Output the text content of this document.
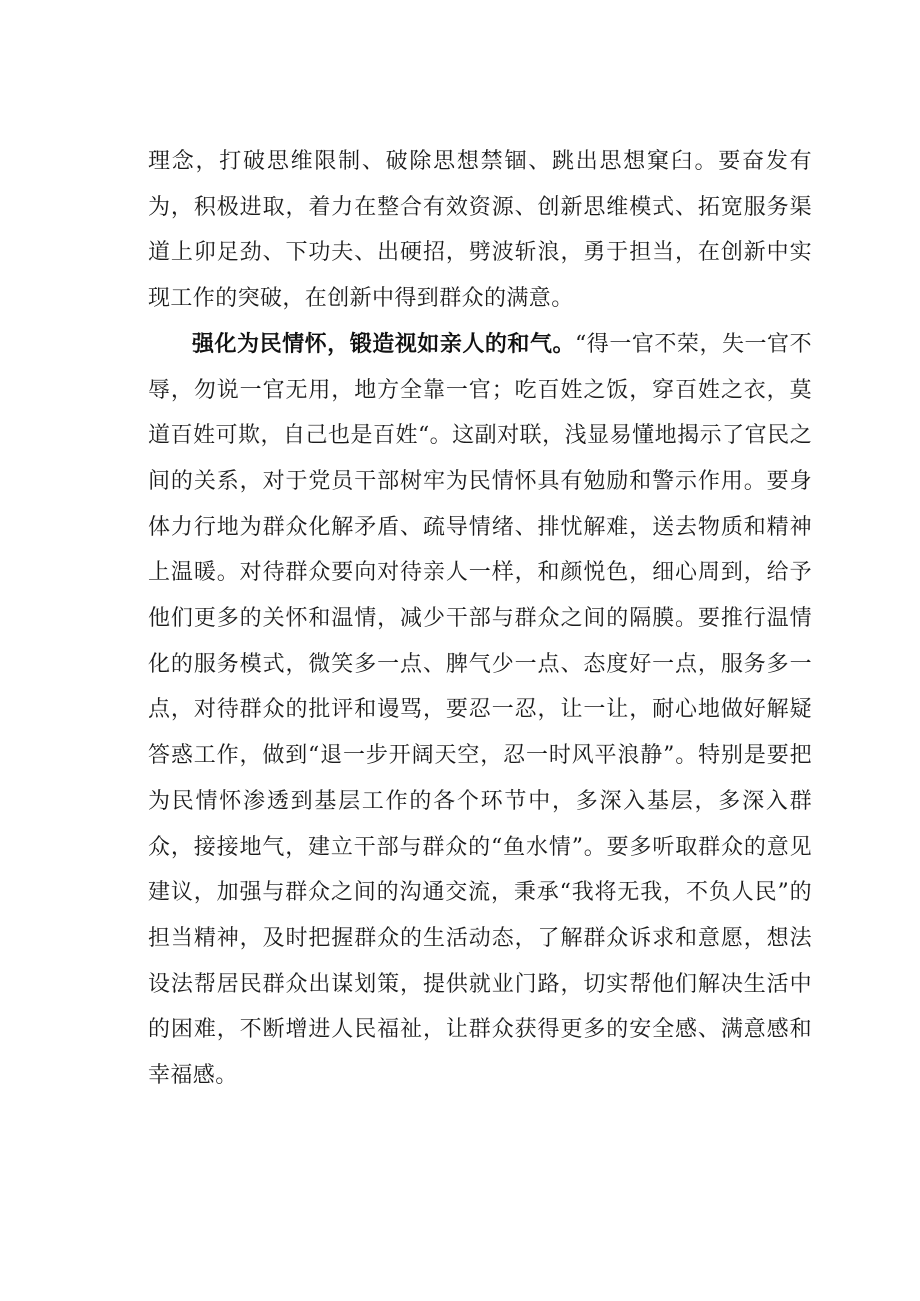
理念，打破思维限制、破除思想禁锢、跳出思想窠臼。要奋发有为，积极进取，着力在整合有效资源、创新思维模式、拓宽服务渠道上卯足劲、下功夫、出硬招，劈波斩浪，勇于担当，在创新中实现工作的突破，在创新中得到群众的满意。

强化为民情怀，锻造视如亲人的和气。“得一官不荣，失一官不辱，勿说一官无用，地方全靠一官；吃百姓之饭，穿百姓之衣，莫道百姓可欺，自己也是百姓“。这副对联，浅显易懂地揭示了官民之间的关系，对于党员干部树牢为民情怀具有勉励和警示作用。要身体力行地为群众化解矛盾、疏导情绪、排忧解难，送去物质和精神上温暖。对待群众要向对待亲人一样，和颜悦色，细心周到，给予他们更多的关怀和温情，减少干部与群众之间的隔膜。要推行温情化的服务模式，微笑多一点、脾气少一点、态度好一点，服务多一点，对待群众的批评和谩骂，要忍一忍，让一让，耐心地做好解疑答惑工作，做到“退一步开阔天空，忍一时风平浪静”。特别是要把为民情怀渗透到基层工作的各个环节中，多深入基层，多深入群众，接接地气，建立干部与群众的“鱼水情”。要多听取群众的意见建议，加强与群众之间的沟通交流，秉承“我将无我，不负人民”的担当精神，及时把握群众的生活动态，了解群众诉求和意愿，想法设法帮居民群众出谋划策，提供就业门路，切实帮他们解决生活中的困难，不断增进人民福祉，让群众获得更多的安全感、满意感和幸福感。
